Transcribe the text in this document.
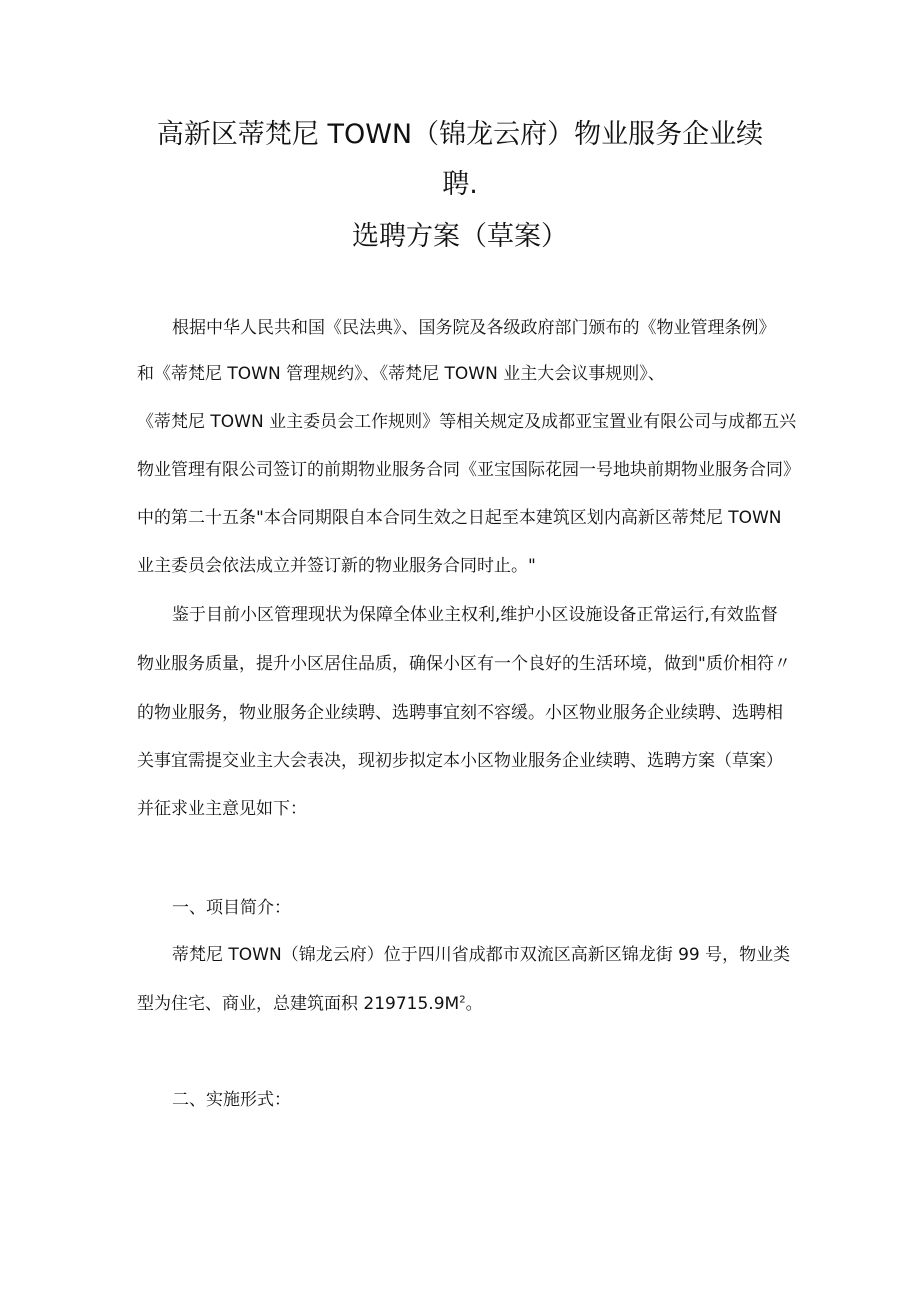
高新区蒂梵尼 TOWN（锦龙云府）物业服务企业续
聘.
选聘方案（草案）
根据中华人民共和国《民法典》、国务院及各级政府部门颁布的《物业管理条例》
和《蒂梵尼 TOWN 管理规约》、《蒂梵尼 TOWN 业主大会议事规则》、
《蒂梵尼 TOWN 业主委员会工作规则》等相关规定及成都亚宝置业有限公司与成都五兴
物业管理有限公司签订的前期物业服务合同《亚宝国际花园一号地块前期物业服务合同》
中的第二十五条"本合同期限自本合同生效之日起至本建筑区划内高新区蒂梵尼 TOWN
业主委员会依法成立并签订新的物业服务合同时止。"
鉴于目前小区管理现状为保障全体业主权利,维护小区设施设备正常运行,有效监督
物业服务质量，提升小区居住品质，确保小区有一个良好的生活环境，做到"质价相符〃
的物业服务，物业服务企业续聘、选聘事宜刻不容缓。小区物业服务企业续聘、选聘相
关事宜需提交业主大会表决，现初步拟定本小区物业服务企业续聘、选聘方案（草案）
并征求业主意见如下：
一、项目简介：
蒂梵尼 TOWN（锦龙云府）位于四川省成都市双流区高新区锦龙街 99 号，物业类
型为住宅、商业，总建筑面积 $219715.9M^2$。
二、实施形式：
